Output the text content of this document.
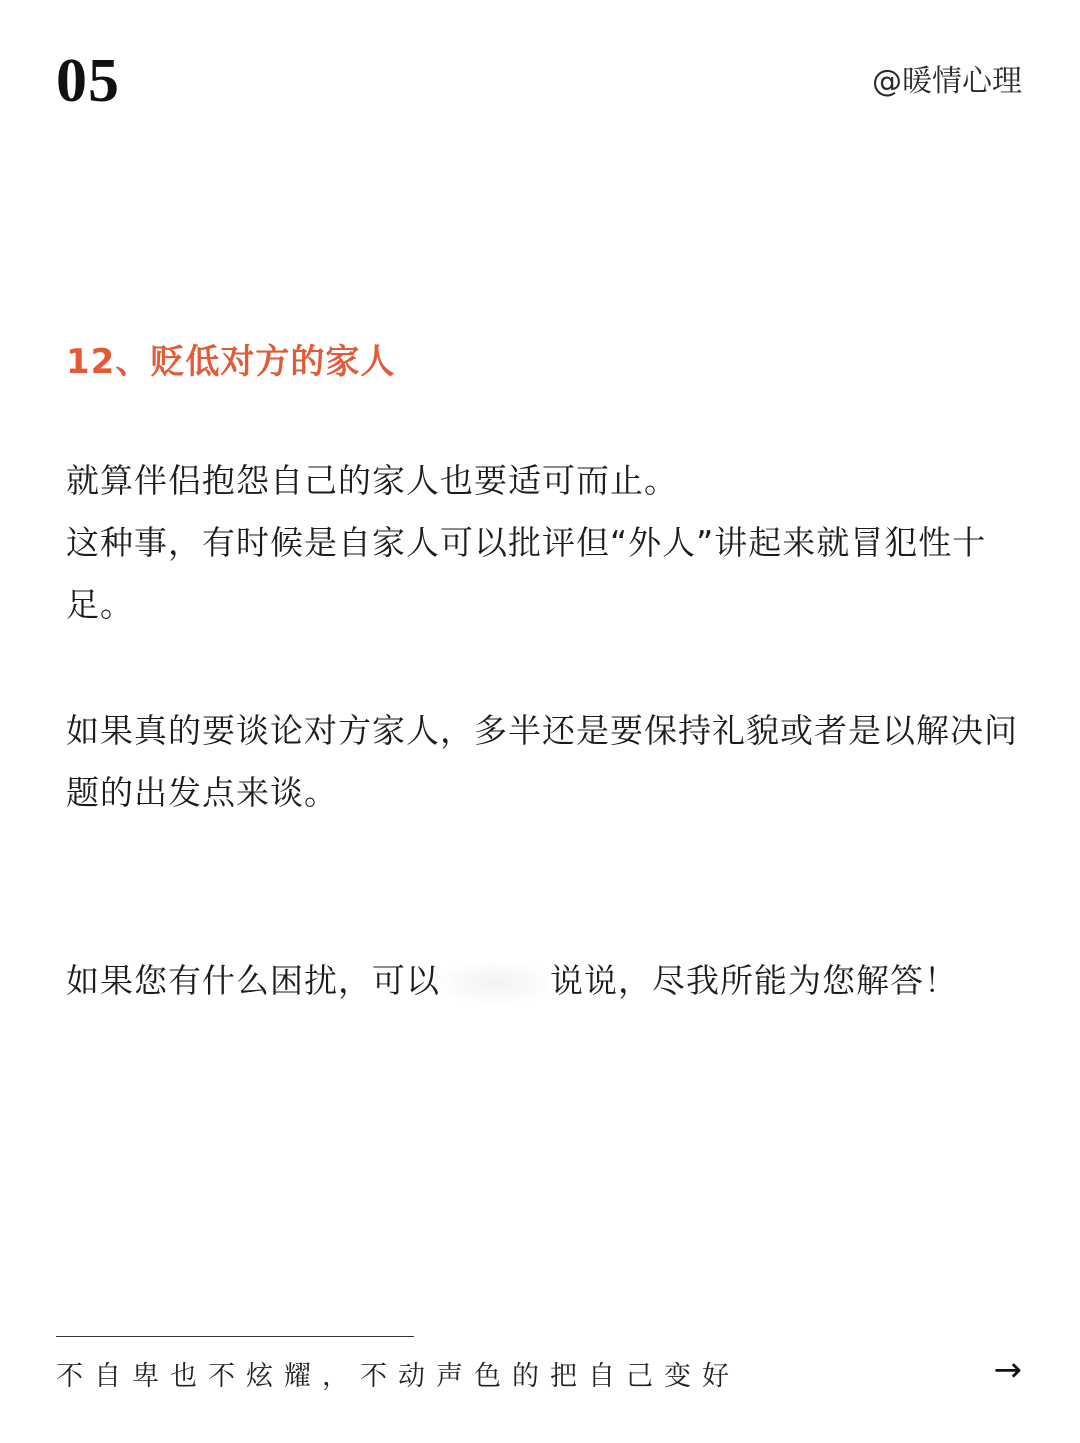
05	@暖情心理
12、贬低对方的家人
就算伴侣抱怨自己的家人也要适可而止。
这种事，有时候是自家人可以批评但“外人”讲起来就冒犯性十足。
如果真的要谈论对方家人，多半还是要保持礼貌或者是以解决问题的出发点来谈。
如果您有什么困扰，可以	说说，尽我所能为您解答！
不自卑也不炫耀，不动声色的把自己变好	→
